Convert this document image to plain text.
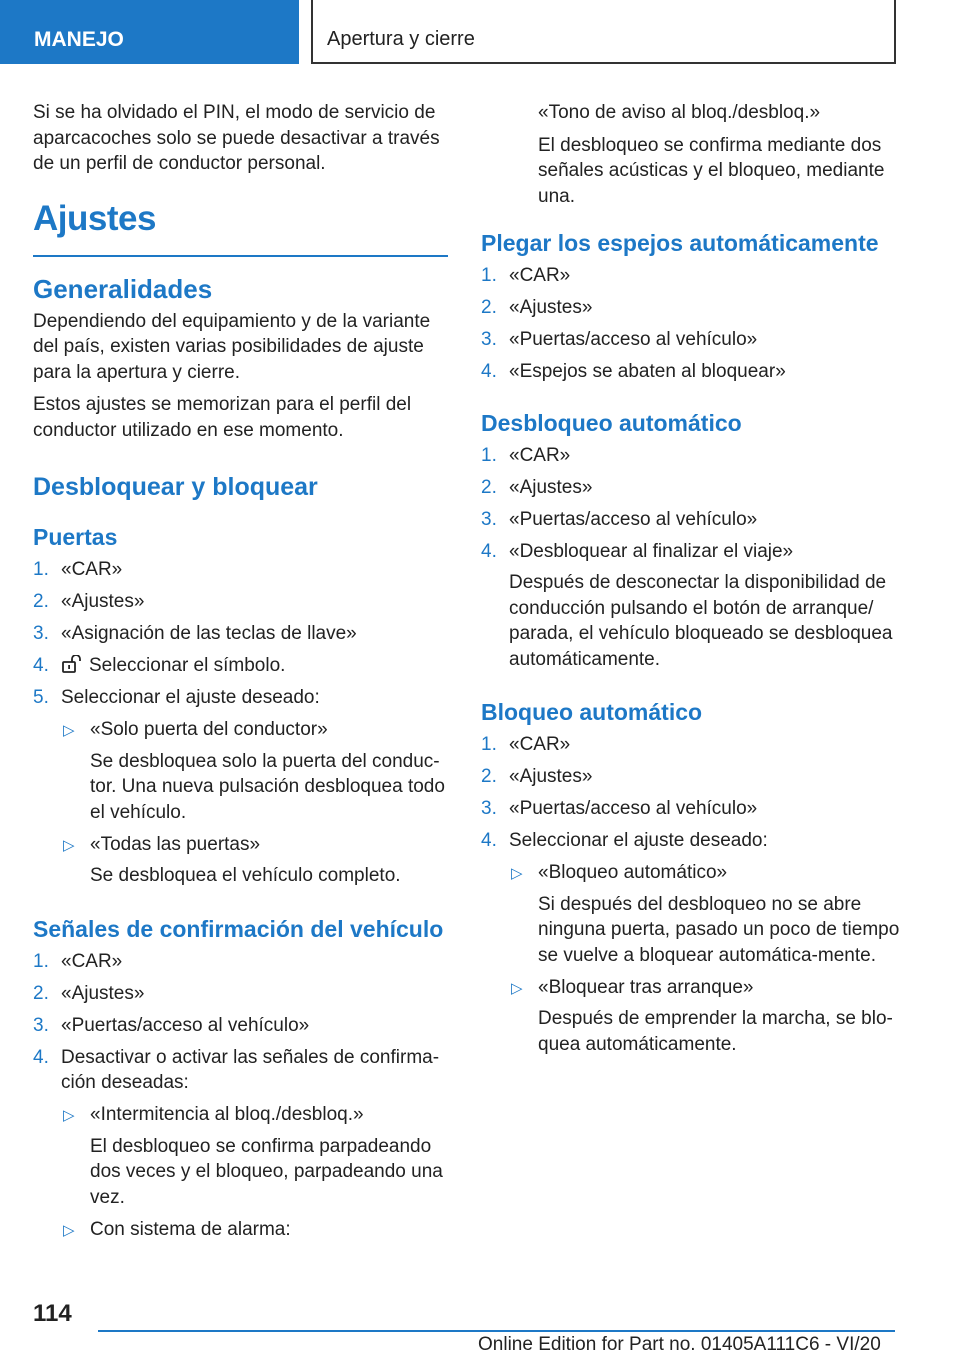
MANEJO	Apertura y cierre

Si se ha olvidado el PIN, el modo de servicio de aparcacoches solo se puede desactivar a través de un perfil de conductor personal.

Ajustes
Generalidades

Dependiendo del equipamiento y de la variante del país, existen varias posibilidades de ajuste para la apertura y cierre.

Estos ajustes se memorizan para el perfil del conductor utilizado en ese momento.

Desbloquear y bloquear
Puertas
1. «CAR»
2. «Ajustes»
3. «Asignación de las teclas de llave»
4. Seleccionar el símbolo.
5. Seleccionar el ajuste deseado:
▷ «Solo puerta del conductor»
Se desbloquea solo la puerta del conduc‐tor. Una nueva pulsación desbloquea todo el vehículo.
▷ «Todas las puertas»
Se desbloquea el vehículo completo.
Señales de confirmación del vehículo
1. «CAR»
2. «Ajustes»
3. «Puertas/acceso al vehículo»
4. Desactivar o activar las señales de confirma‐ción deseadas:
▷ «Intermitencia al bloq./desbloq.»
El desbloqueo se confirma parpadeando dos veces y el bloqueo, parpadeando una vez.
▷ Con sistema de alarma:

«Tono de aviso al bloq./desbloq.»

El desbloqueo se confirma mediante dos señales acústicas y el bloqueo, mediante una.

Plegar los espejos automáticamente
1. «CAR»
2. «Ajustes»
3. «Puertas/acceso al vehículo»
4. «Espejos se abaten al bloquear»
Desbloqueo automático
1. «CAR»
2. «Ajustes»
3. «Puertas/acceso al vehículo»
4. «Desbloquear al finalizar el viaje»
Después de desconectar la disponibilidad de conducción pulsando el botón de arranque/ parada, el vehículo bloqueado se desbloquea automáticamente.
Bloqueo automático
1. «CAR»
2. «Ajustes»
3. «Puertas/acceso al vehículo»
4. Seleccionar el ajuste deseado:
▷ «Bloqueo automático»
Si después del desbloqueo no se abre ninguna puerta, pasado un poco de tiempo se vuelve a bloquear automática‐mente.
▷ «Bloquear tras arranque»
Después de emprender la marcha, se blo‐quea automáticamente.
114
Online Edition for Part no. 01405A111C6 - VI/20
